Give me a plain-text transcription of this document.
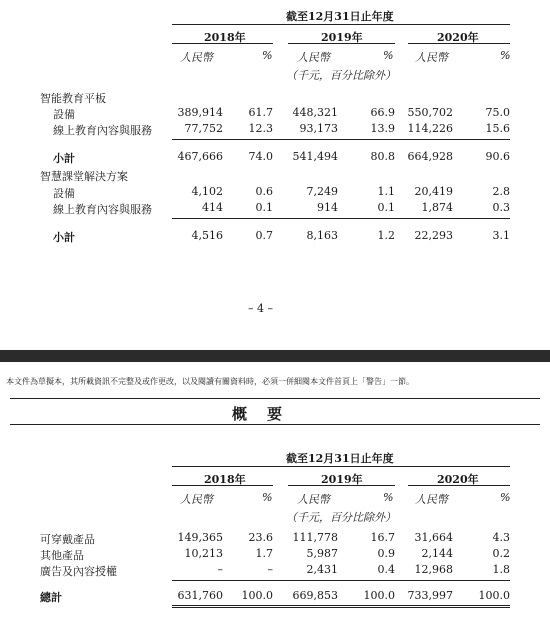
截至12月31日止年度
2018年	2019年	2020年
人民幣	% 人民幣	% 人民幣	%
（千元，百分比除外）
智能教育平板
設備	389,914 61.7 448,321	66.9 550,702	75.0
線上教育內容與服務	77,752 12.3 93,173	13.9 114,226	15.6
小計	467,666 74.0 541,494	80.8 664,928	90.6
智慧課堂解決方案
設備	4,102	0.6	7,249	1.1 20,419	2.8
線上教育內容與服務	414	0.1	914	0.1 1,874	0.3
小計	4,516	0.7	8,163	1.2 22,293	3.1
– 4 –
本文件為草擬本，其所載資訊不完整及或作更改，以及閱讀有關資料時，必須一併細閱本文件首頁上「警告」一節。
概要
截至12月31日止年度
2018年	2019年	2020年
人民幣	% 人民幣	% 人民幣	%
（千元，百分比除外）
可穿戴產品	149,365 23.6 111,778	16.7 31,664	4.3
其他產品	10,213	1.7	5,987	0.9 2,144	0.2
廣告及內容授權	–	–	2,431	0.4 12,968	1.8
總計	631,760 100.0 669,853 100.0 733,997 100.0
